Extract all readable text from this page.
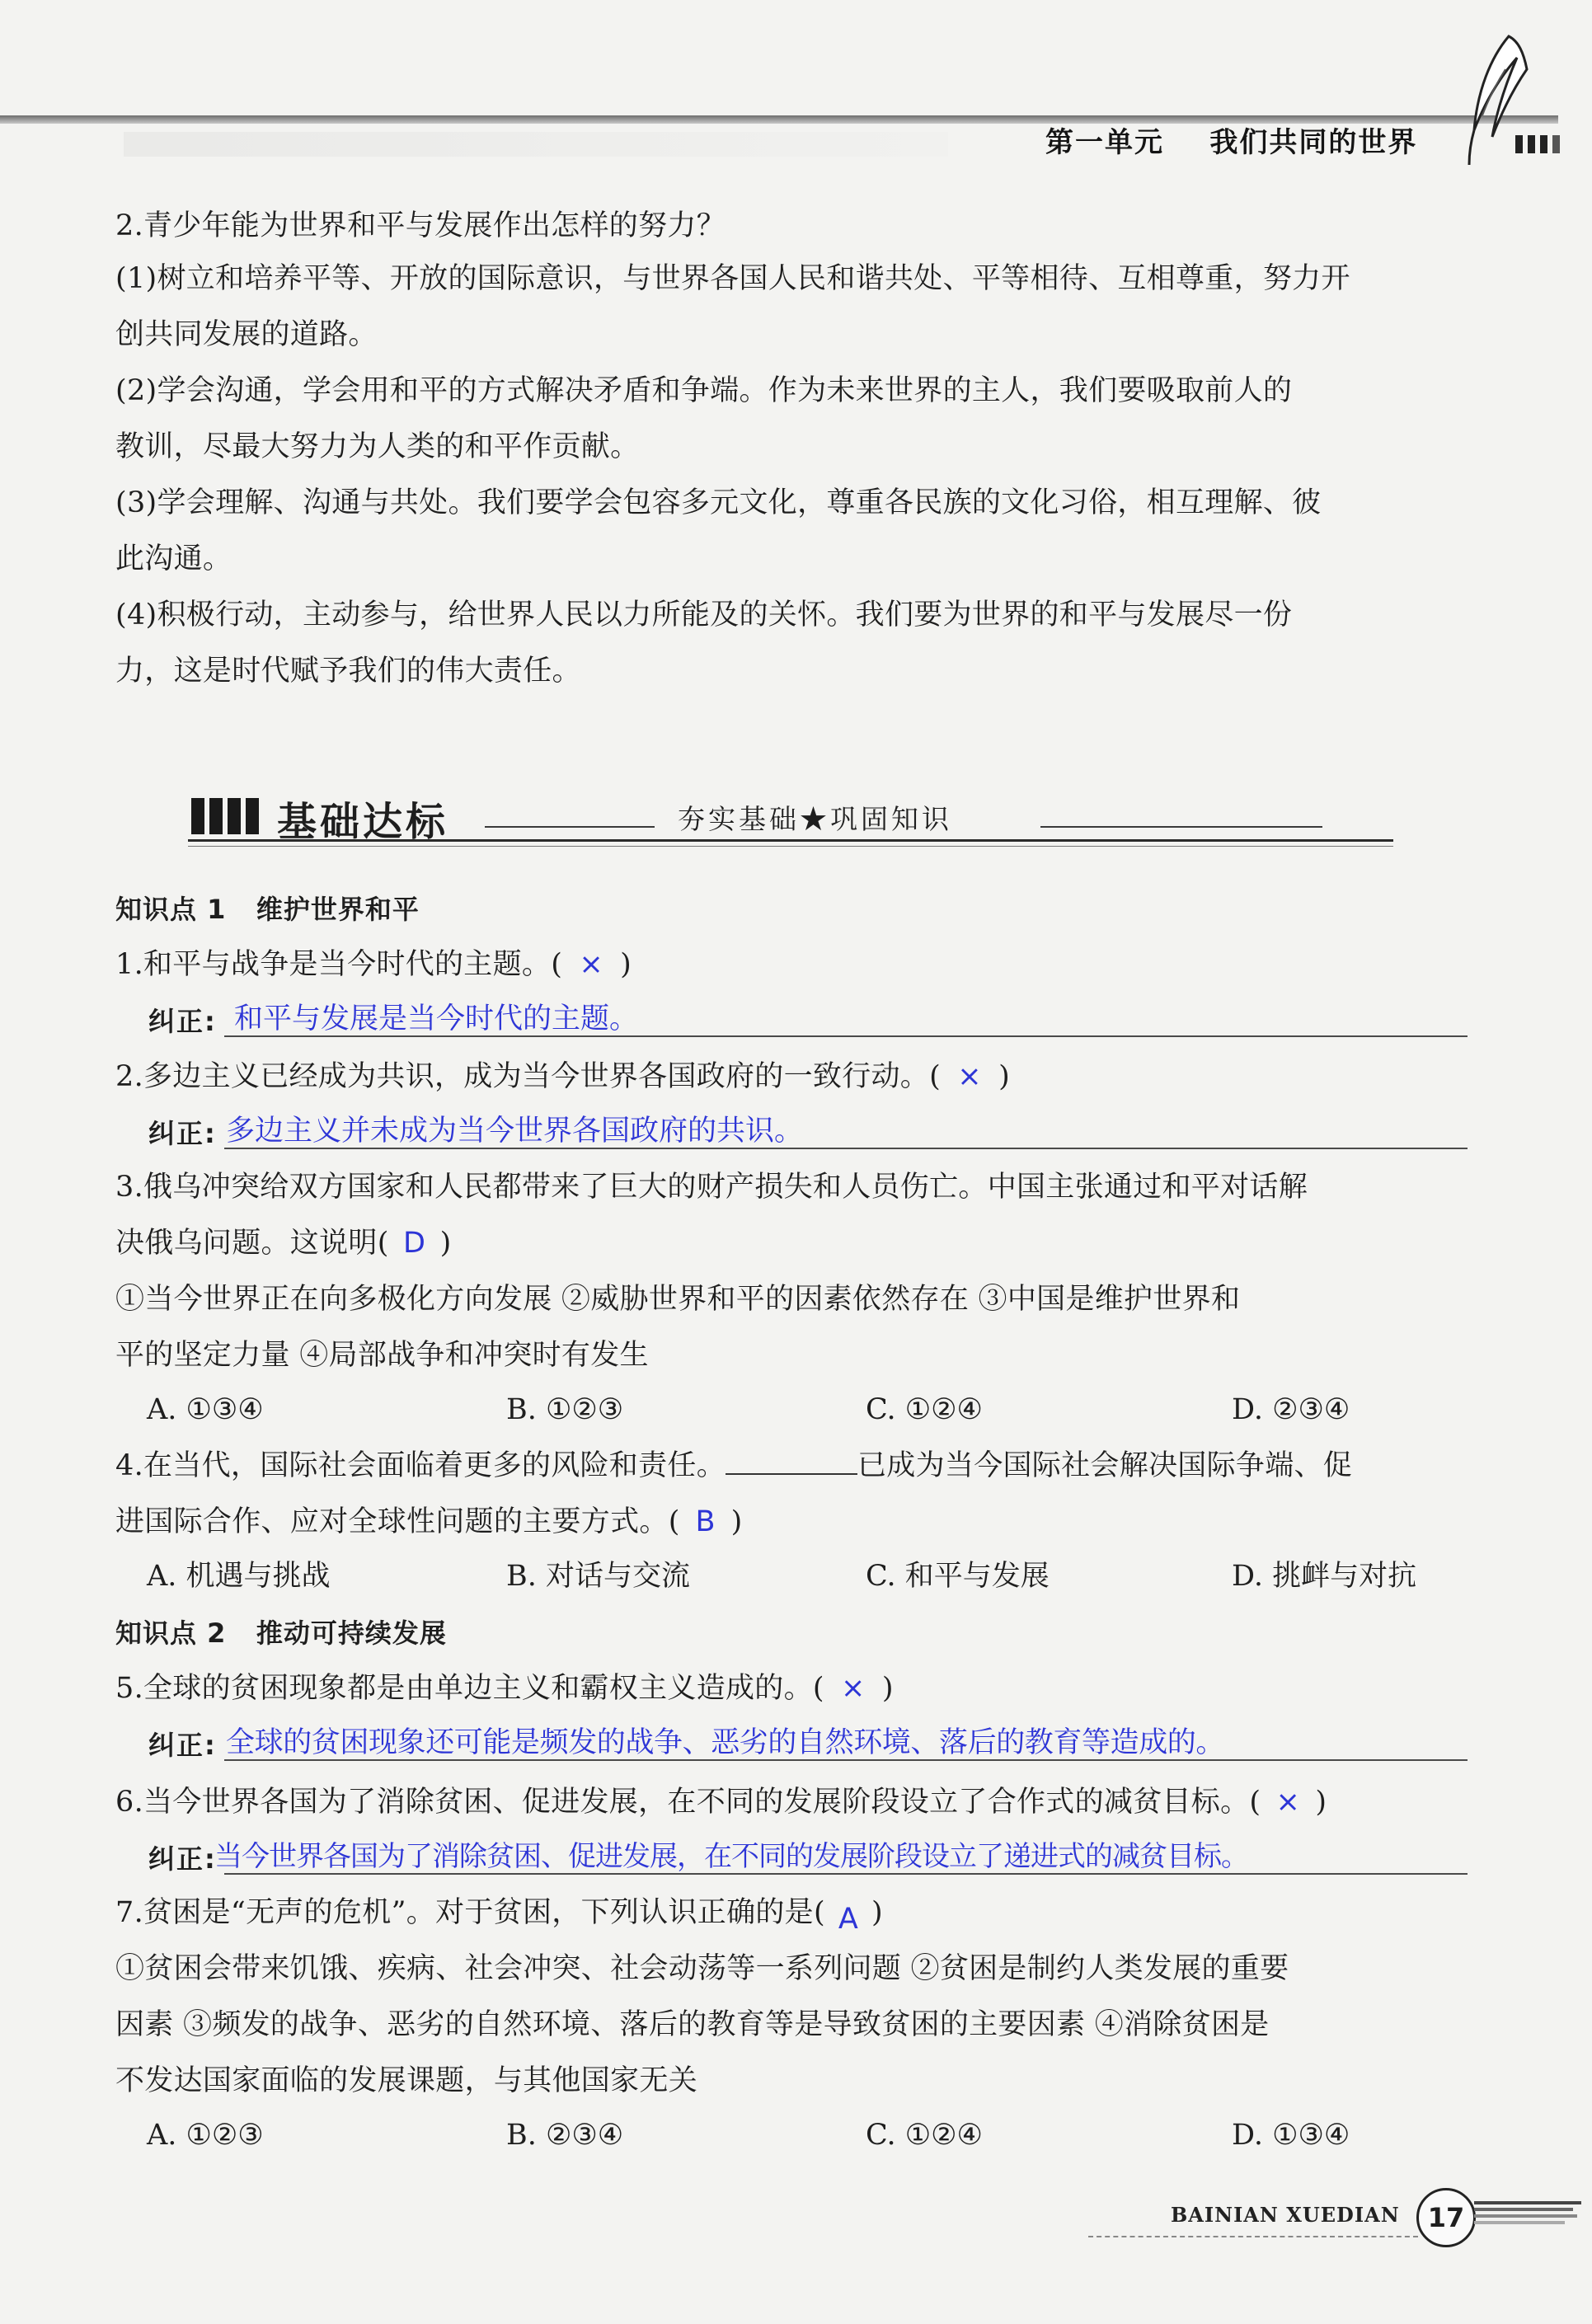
第一单元    我们共同的世界
2.青少年能为世界和平与发展作出怎样的努力？
(1)树立和培养平等、开放的国际意识，与世界各国人民和谐共处、平等相待、互相尊重，努力开
创共同发展的道路。
(2)学会沟通，学会用和平的方式解决矛盾和争端。作为未来世界的主人，我们要吸取前人的
教训，尽最大努力为人类的和平作贡献。
(3)学会理解、沟通与共处。我们要学会包容多元文化，尊重各民族的文化习俗，相互理解、彼
此沟通。
(4)积极行动，主动参与，给世界人民以力所能及的关怀。我们要为世界的和平与发展尽一份
力，这是时代赋予我们的伟大责任。
基础达标	夯实基础★巩固知识
知识点 1   维护世界和平
1.和平与战争是当今时代的主题。( × )
纠正: 和平与发展是当今时代的主题。
2.多边主义已经成为共识，成为当今世界各国政府的一致行动。( × )
纠正: 多边主义并未成为当今世界各国政府的共识。
3.俄乌冲突给双方国家和人民都带来了巨大的财产损失和人员伤亡。中国主张通过和平对话解
决俄乌问题。这说明( D )
①当今世界正在向多极化方向发展 ②威胁世界和平的因素依然存在 ③中国是维护世界和
平的坚定力量 ④局部战争和冲突时有发生
A. ①③④	B. ①②③	C. ①②④	D. ②③④
4.在当代，国际社会面临着更多的风险和责任。	已成为当今国际社会解决国际争端、促
进国际合作、应对全球性问题的主要方式。( B )
A. 机遇与挑战	B. 对话与交流	C. 和平与发展	D. 挑衅与对抗
知识点 2   推动可持续发展
5.全球的贫困现象都是由单边主义和霸权主义造成的。( × )
纠正: 全球的贫困现象还可能是频发的战争、恶劣的自然环境、落后的教育等造成的。
6.当今世界各国为了消除贫困、促进发展，在不同的发展阶段设立了合作式的减贫目标。( × )
纠正:
当今世界各国为了消除贫困、促进发展，在不同的发展阶段设立了递进式的减贫目标。
7.贫困是“无声的危机”。对于贫困，下列认识正确的是( A )
①贫困会带来饥饿、疾病、社会冲突、社会动荡等一系列问题 ②贫困是制约人类发展的重要
因素 ③频发的战争、恶劣的自然环境、落后的教育等是导致贫困的主要因素 ④消除贫困是
不发达国家面临的发展课题，与其他国家无关
A. ①②③	B. ②③④	C. ①②④	D. ①③④
BAINIAN XUEDIAN	17
